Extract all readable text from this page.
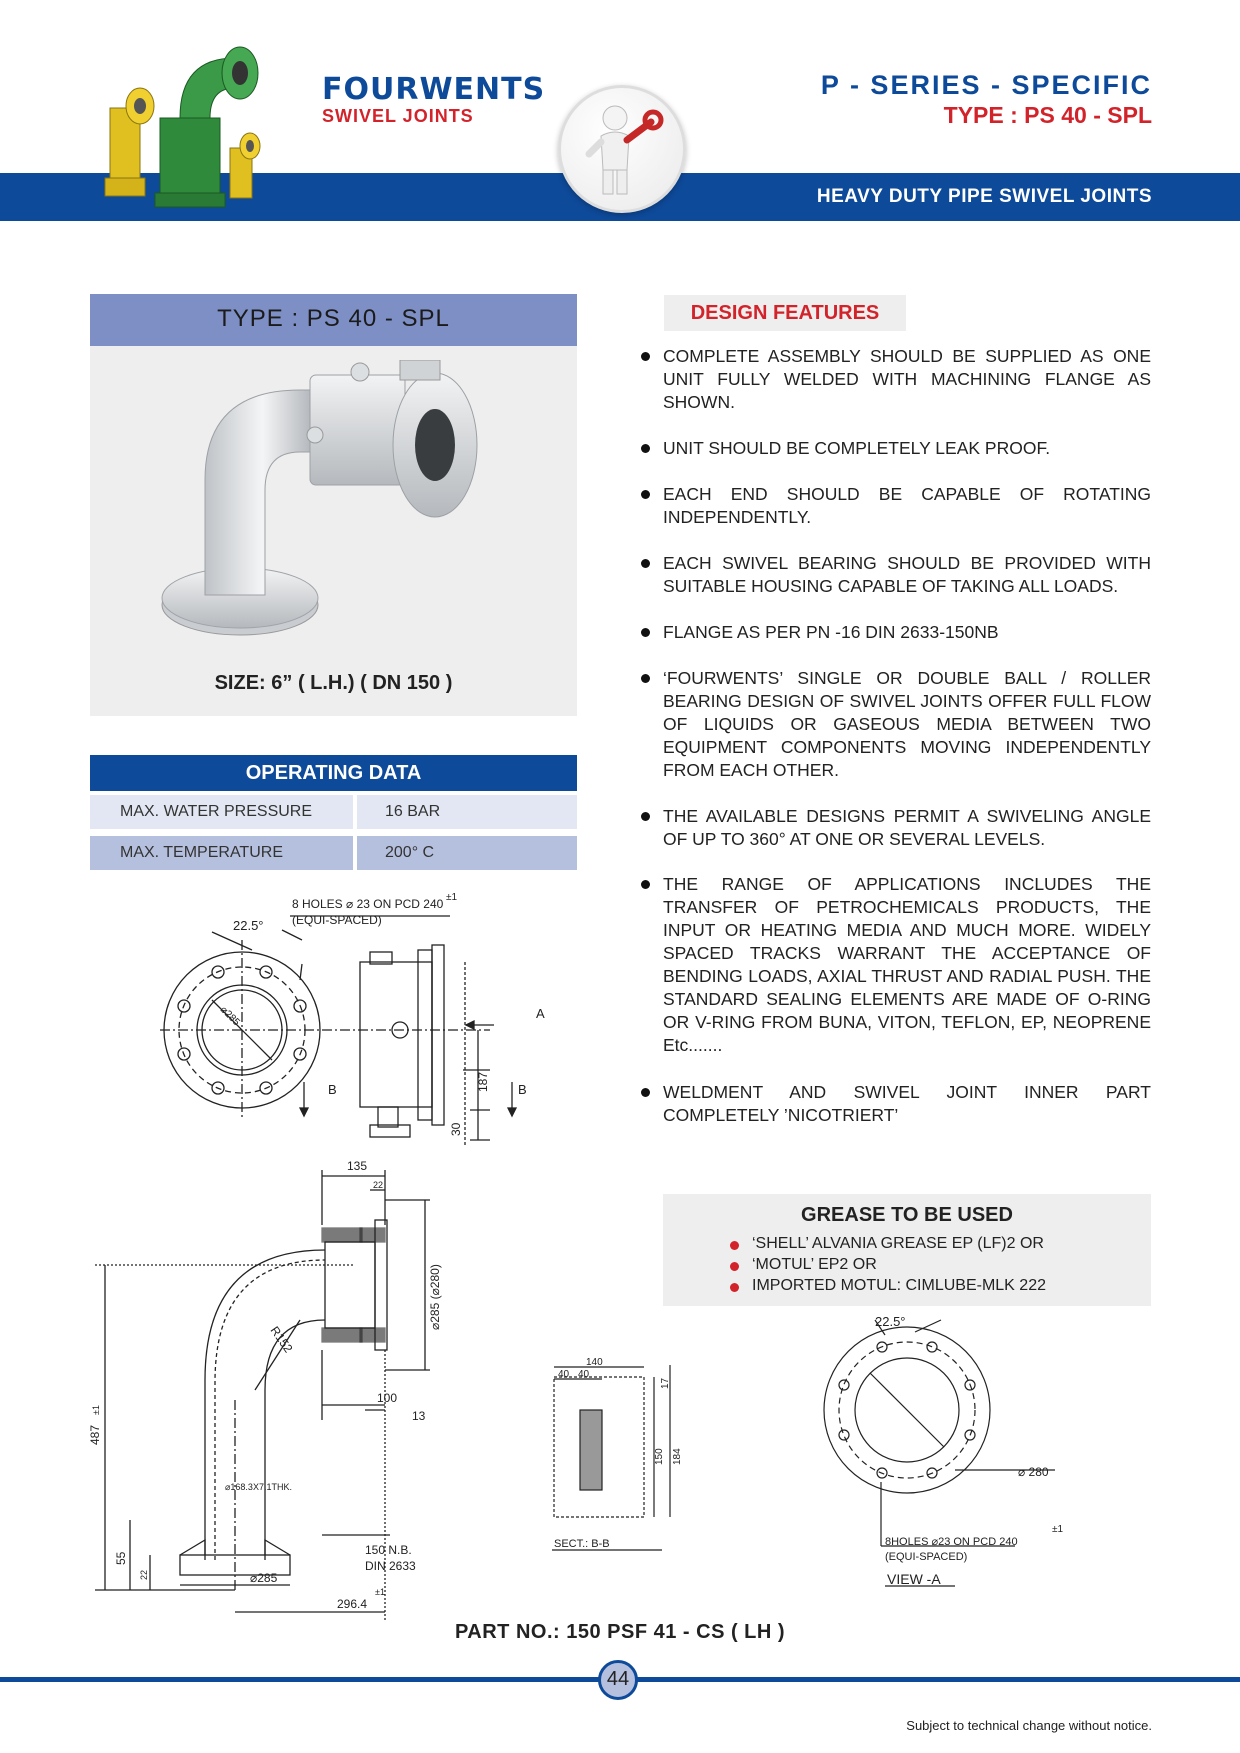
HEAVY DUTY PIPE SWIVEL JOINTS
FOURWENTS
SWIVEL JOINTS
P - SERIES - SPECIFIC
TYPE : PS 40 - SPL
TYPE : PS 40 - SPL
SIZE: 6” ( L.H.) ( DN 150 )
OPERATING DATA
MAX. WATER PRESSURE	16 BAR
MAX. TEMPERATURE	200° C
DESIGN FEATURES
COMPLETE ASSEMBLY SHOULD BE SUPPLIED AS ONE UNIT FULLY WELDED WITH MACHINING FLANGE AS SHOWN.
UNIT SHOULD BE COMPLETELY LEAK PROOF.
EACH END SHOULD BE CAPABLE OF ROTATING INDEPENDENTLY.
EACH SWIVEL BEARING SHOULD BE PROVIDED WITH SUITABLE HOUSING CAPABLE OF TAKING ALL LOADS.
FLANGE AS PER PN -16 DIN 2633-150NB
‘FOURWENTS’ SINGLE OR DOUBLE BALL / ROLLER BEARING DESIGN OF SWIVEL JOINTS OFFER FULL FLOW OF LIQUIDS OR GASEOUS MEDIA BETWEEN TWO EQUIPMENT COMPONENTS MOVING INDEPENDENTLY FROM EACH OTHER.
THE AVAILABLE DESIGNS PERMIT A SWIVELING ANGLE OF UP TO 360° AT ONE OR SEVERAL LEVELS.
THE RANGE OF APPLICATIONS INCLUDES THE TRANSFER OF PETROCHEMICALS PRODUCTS, THE INPUT OR HEATING MEDIA AND MUCH MORE. WIDELY SPACED TRACKS WARRANT THE ACCEPTANCE OF BENDING LOADS, AXIAL THRUST AND RADIAL PUSH. THE STANDARD SEALING ELEMENTS ARE MADE OF O-RING OR V-RING FROM BUNA, VITON, TEFLON, EP, NEOPRENE Etc.......
WELDMENT AND SWIVEL JOINT INNER PART COMPLETELY ’NICOTRIERT’
GREASE TO BE USED
‘SHELL’ ALVANIA GREASE EP (LF)2 OR
‘MOTUL’ EP2 OR
IMPORTED MOTUL: CIMLUBE-MLK 222
8 HOLES ⌀ 23 ON PCD 240 ±1
(EQUI-SPACED)
22.5°
⌀285	A
B	B
187
30
135
22
⌀285 (⌀280)
R152
100
13
487
±1
⌀168.3X7.1THK.
55
22
150 N.B.
DIN 2633
⌀285
296.4
±1
140
40 40
17
150 184
SECT.: B-B
22.5°
⌀ 280
8HOLES ⌀23 ON PCD 240
±1
(EQUI-SPACED)
VIEW -A
PART NO.: 150 PSF 41 - CS ( LH )
44
Subject to technical change without notice.
